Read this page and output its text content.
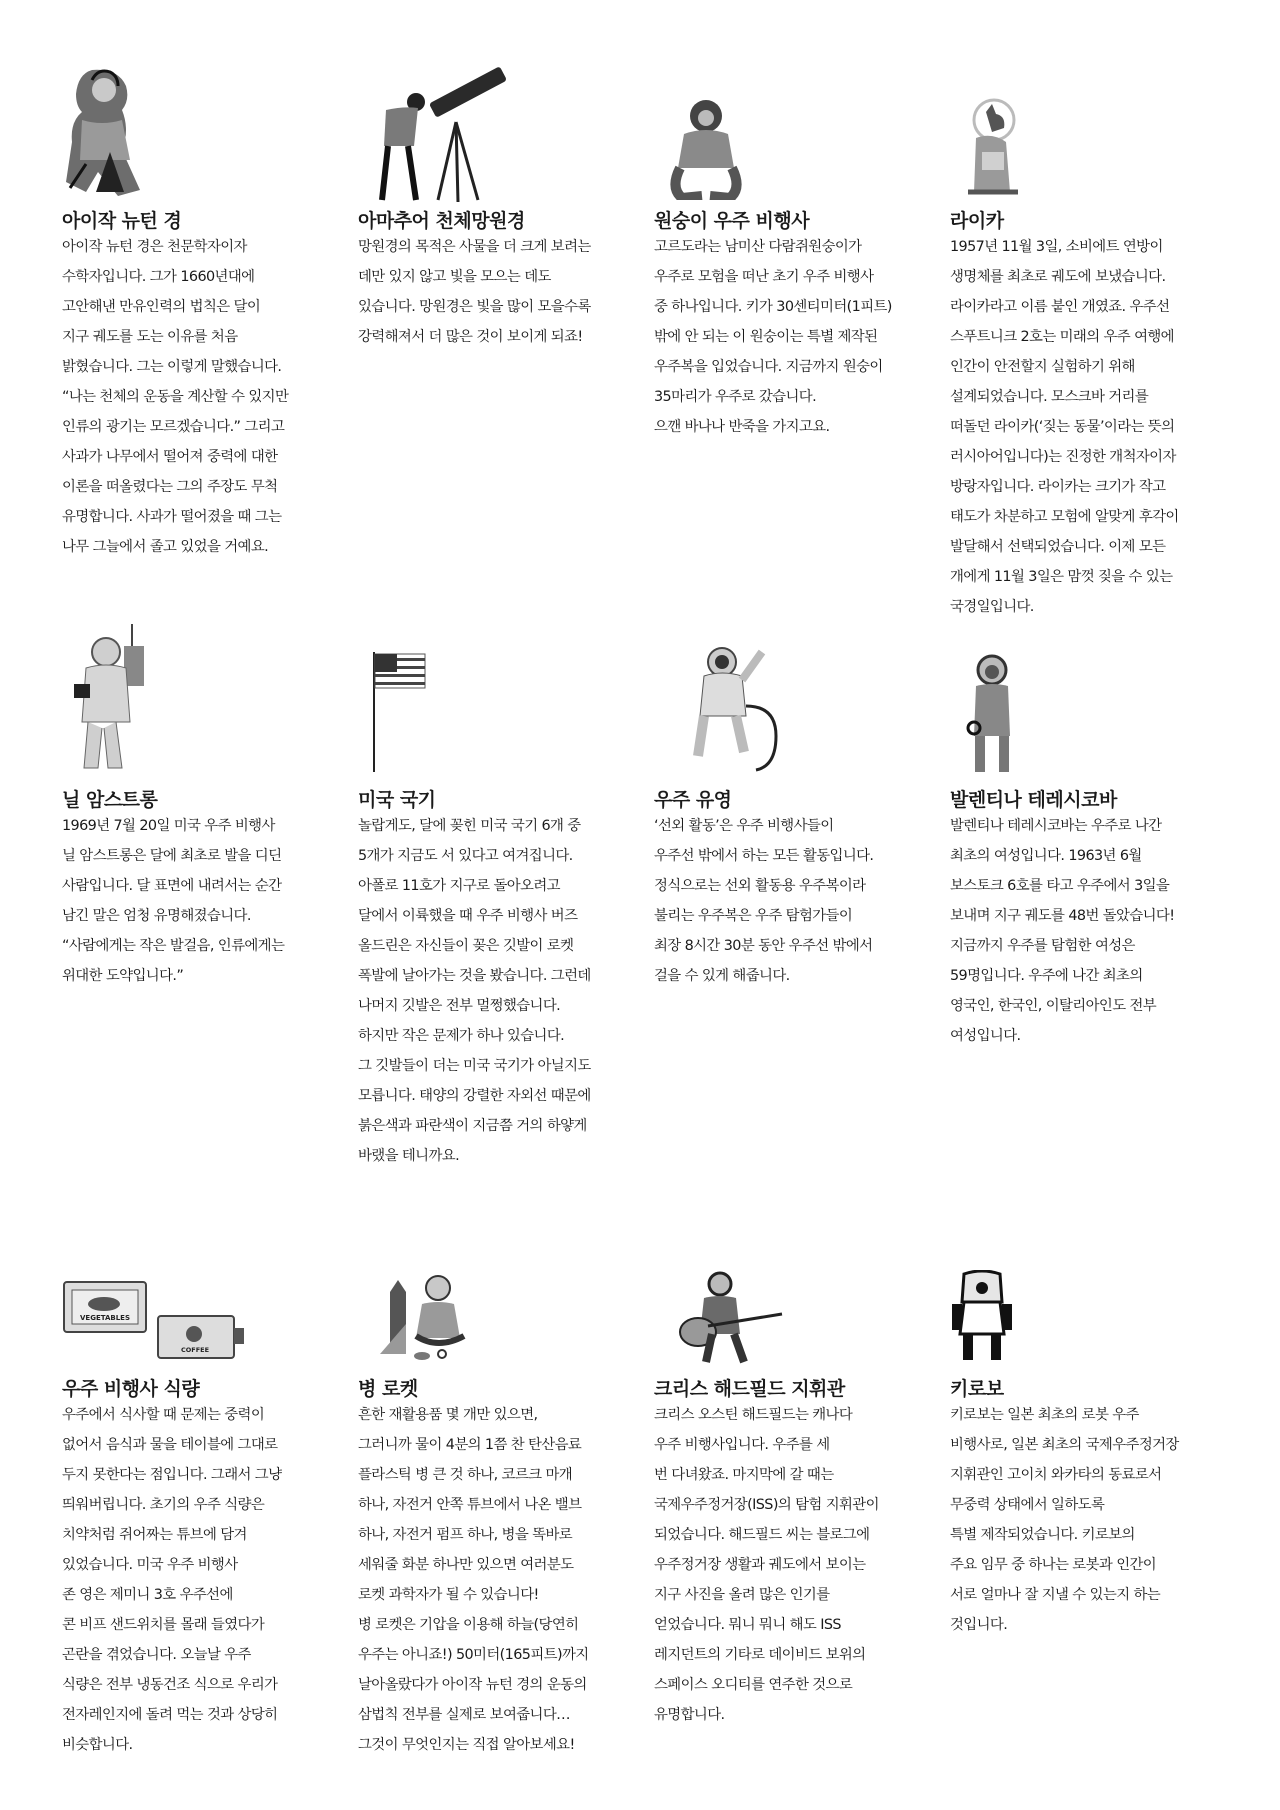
아이작 뉴턴 경
아이작 뉴턴 경은 천문학자이자
수학자입니다. 그가 1660년대에
고안해낸 만유인력의 법칙은 달이
지구 궤도를 도는 이유를 처음
밝혔습니다. 그는 이렇게 말했습니다.
“나는 천체의 운동을 계산할 수 있지만
인류의 광기는 모르겠습니다.” 그리고
사과가 나무에서 떨어져 중력에 대한
이론을 떠올렸다는 그의 주장도 무척
유명합니다. 사과가 떨어졌을 때 그는
나무 그늘에서 졸고 있었을 거예요.
아마추어 천체망원경
망원경의 목적은 사물을 더 크게 보려는
데만 있지 않고 빛을 모으는 데도
있습니다. 망원경은 빛을 많이 모을수록
강력해져서 더 많은 것이 보이게 되죠!
원숭이 우주 비행사
고르도라는 남미산 다람쥐원숭이가
우주로 모험을 떠난 초기 우주 비행사
중 하나입니다. 키가 30센티미터(1피트)
밖에 안 되는 이 원숭이는 특별 제작된
우주복을 입었습니다. 지금까지 원숭이
35마리가 우주로 갔습니다.
으깬 바나나 반죽을 가지고요.
라이카
1957년 11월 3일, 소비에트 연방이
생명체를 최초로 궤도에 보냈습니다.
라이카라고 이름 붙인 개였죠. 우주선
스푸트니크 2호는 미래의 우주 여행에
인간이 안전할지 실험하기 위해
설계되었습니다. 모스크바 거리를
떠돌던 라이카(‘짖는 동물’이라는 뜻의
러시아어입니다)는 진정한 개척자이자
방랑자입니다. 라이카는 크기가 작고
태도가 차분하고 모험에 알맞게 후각이
발달해서 선택되었습니다. 이제 모든
개에게 11월 3일은 맘껏 짖을 수 있는
국경일입니다.
닐 암스트롱
1969년 7월 20일 미국 우주 비행사
닐 암스트롱은 달에 최초로 발을 디딘
사람입니다. 달 표면에 내려서는 순간
남긴 말은 엄청 유명해졌습니다.
“사람에게는 작은 발걸음, 인류에게는
위대한 도약입니다.”
미국 국기
놀랍게도, 달에 꽂힌 미국 국기 6개 중
5개가 지금도 서 있다고 여겨집니다.
아폴로 11호가 지구로 돌아오려고
달에서 이륙했을 때 우주 비행사 버즈
올드린은 자신들이 꽂은 깃발이 로켓
폭발에 날아가는 것을 봤습니다. 그런데
나머지 깃발은 전부 멀쩡했습니다.
하지만 작은 문제가 하나 있습니다.
그 깃발들이 더는 미국 국기가 아닐지도
모릅니다. 태양의 강렬한 자외선 때문에
붉은색과 파란색이 지금쯤 거의 하얗게
바랬을 테니까요.
우주 유영
‘선외 활동’은 우주 비행사들이
우주선 밖에서 하는 모든 활동입니다.
정식으로는 선외 활동용 우주복이라
불리는 우주복은 우주 탐험가들이
최장 8시간 30분 동안 우주선 밖에서
걸을 수 있게 해줍니다.
발렌티나 테레시코바
발렌티나 테레시코바는 우주로 나간
최초의 여성입니다. 1963년 6월
보스토크 6호를 타고 우주에서 3일을
보내며 지구 궤도를 48번 돌았습니다!
지금까지 우주를 탐험한 여성은
59명입니다. 우주에 나간 최초의
영국인, 한국인, 이탈리아인도 전부
여성입니다.
VEGETABLES
COFFEE
우주 비행사 식량
우주에서 식사할 때 문제는 중력이
없어서 음식과 물을 테이블에 그대로
두지 못한다는 점입니다. 그래서 그냥
띄워버립니다. 초기의 우주 식량은
치약처럼 쥐어짜는 튜브에 담겨
있었습니다. 미국 우주 비행사
존 영은 제미니 3호 우주선에
콘 비프 샌드위치를 몰래 들였다가
곤란을 겪었습니다. 오늘날 우주
식량은 전부 냉동건조 식으로 우리가
전자레인지에 돌려 먹는 것과 상당히
비슷합니다.
병 로켓
흔한 재활용품 몇 개만 있으면,
그러니까 물이 4분의 1쯤 찬 탄산음료
플라스틱 병 큰 것 하나, 코르크 마개
하나, 자전거 안쪽 튜브에서 나온 밸브
하나, 자전거 펌프 하나, 병을 똑바로
세워줄 화분 하나만 있으면 여러분도
로켓 과학자가 될 수 있습니다!
병 로켓은 기압을 이용해 하늘(당연히
우주는 아니죠!) 50미터(165피트)까지
날아올랐다가 아이작 뉴턴 경의 운동의
삼법칙 전부를 실제로 보여줍니다…
그것이 무엇인지는 직접 알아보세요!
크리스 해드필드 지휘관
크리스 오스틴 해드필드는 캐나다
우주 비행사입니다. 우주를 세
번 다녀왔죠. 마지막에 갈 때는
국제우주정거장(ISS)의 탐험 지휘관이
되었습니다. 해드필드 씨는 블로그에
우주정거장 생활과 궤도에서 보이는
지구 사진을 올려 많은 인기를
얻었습니다. 뭐니 뭐니 해도 ISS
레지던트의 기타로 데이비드 보위의
스페이스 오디티를 연주한 것으로
유명합니다.
키로보
키로보는 일본 최초의 로봇 우주
비행사로, 일본 최초의 국제우주정거장
지휘관인 고이치 와카타의 동료로서
무중력 상태에서 일하도록
특별 제작되었습니다. 키로보의
주요 임무 중 하나는 로봇과 인간이
서로 얼마나 잘 지낼 수 있는지 하는
것입니다.
